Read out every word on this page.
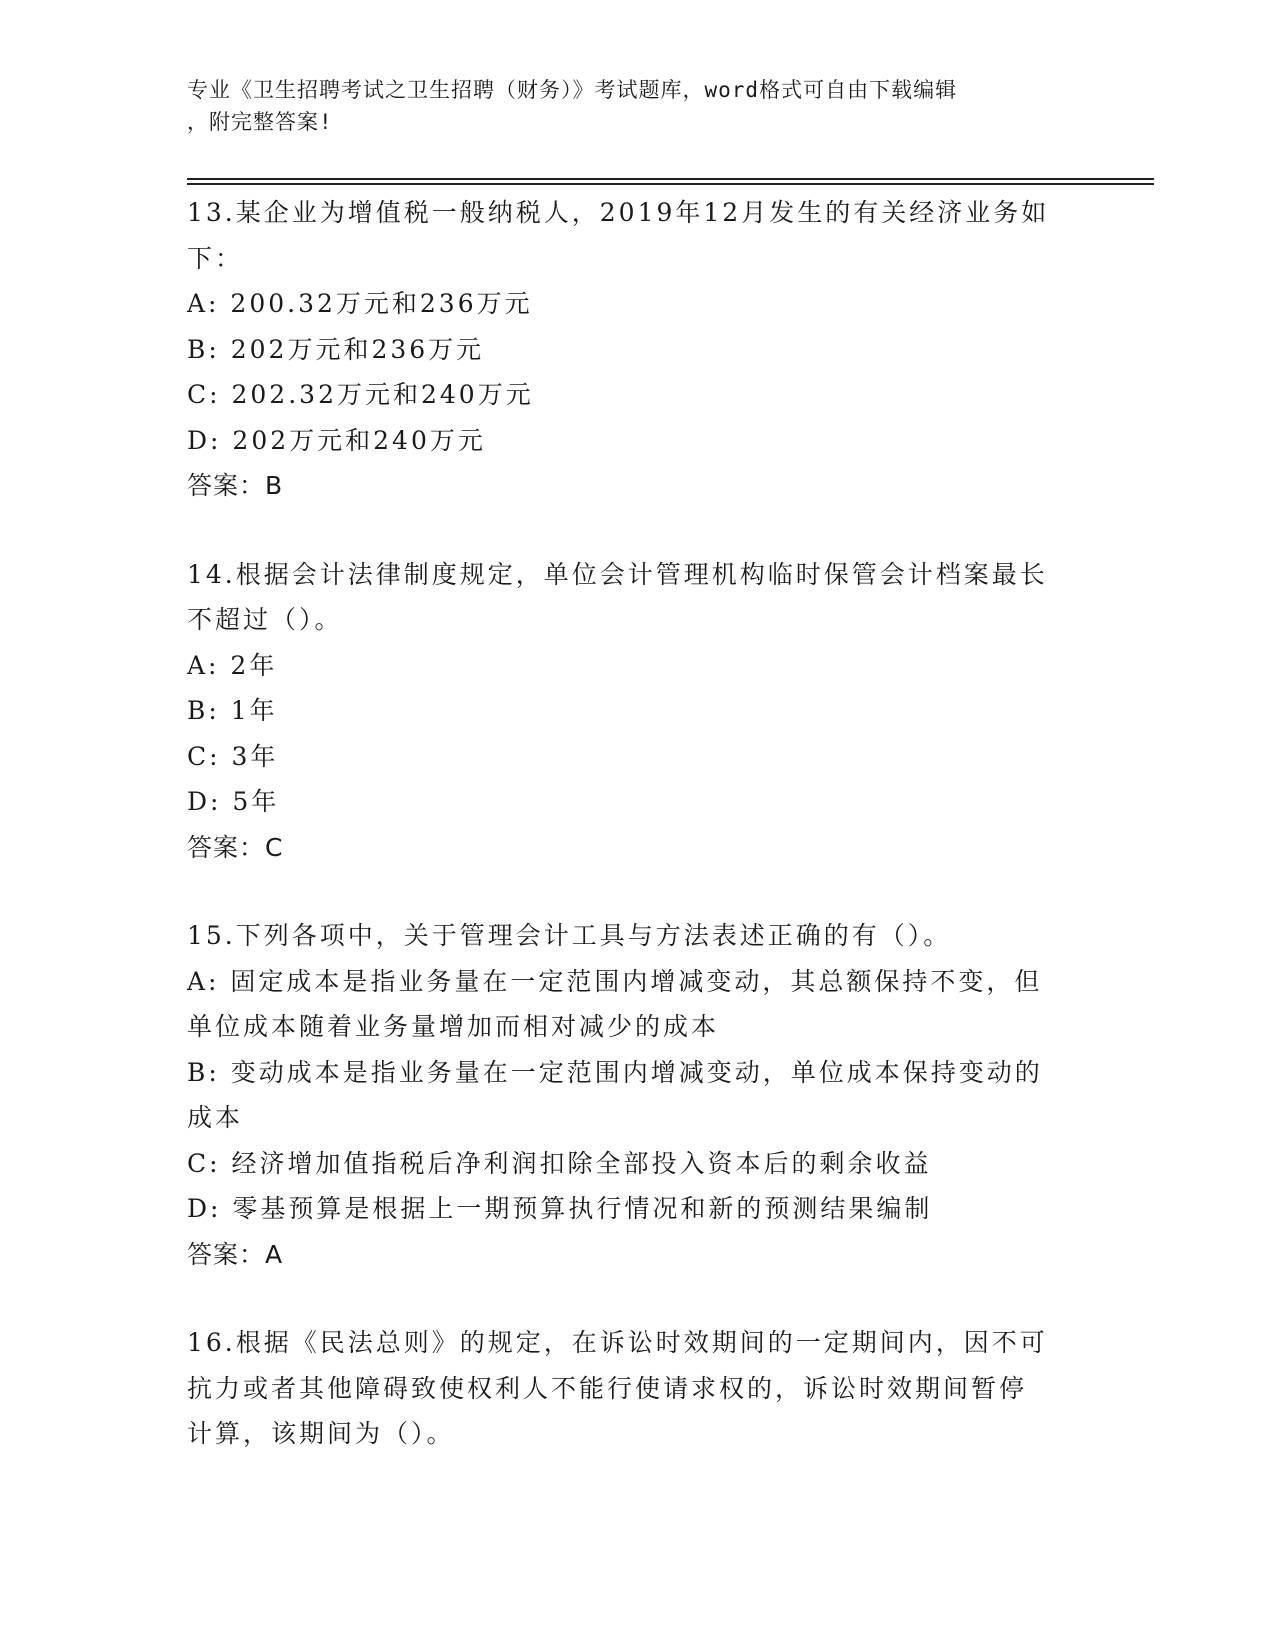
专业《卫生招聘考试之卫生招聘（财务）》考试题库，word格式可自由下载编辑
，附完整答案!
13.某企业为增值税一般纳税人，2019年12月发生的有关经济业务如
下：
A: 200.32万元和236万元
B: 202万元和236万元
C: 202.32万元和240万元
D: 202万元和240万元
答案：B
14.根据会计法律制度规定，单位会计管理机构临时保管会计档案最长
不超过（）。
A: 2年
B: 1年
C: 3年
D: 5年
答案：C
15.下列各项中，关于管理会计工具与方法表述正确的有（）。
A: 固定成本是指业务量在一定范围内增减变动，其总额保持不变，但
单位成本随着业务量增加而相对减少的成本
B: 变动成本是指业务量在一定范围内增减变动，单位成本保持变动的
成本
C: 经济增加值指税后净利润扣除全部投入资本后的剩余收益
D: 零基预算是根据上一期预算执行情况和新的预测结果编制
答案：A
16.根据《民法总则》的规定，在诉讼时效期间的一定期间内，因不可
抗力或者其他障碍致使权利人不能行使请求权的，诉讼时效期间暂停
计算，该期间为（）。
